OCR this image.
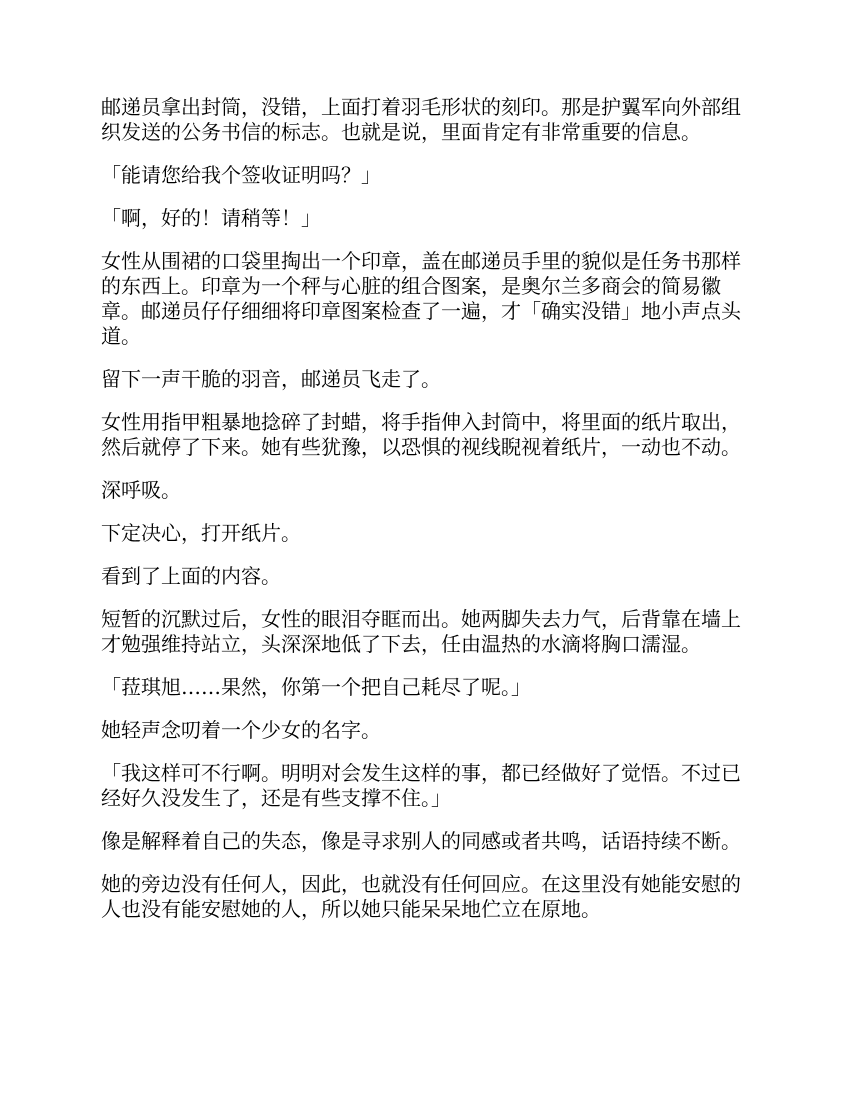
邮递员拿出封筒，没错，上面打着羽毛形状的刻印。那是护翼军向外部组织发送的公务书信的标志。也就是说，里面肯定有非常重要的信息。

「能请您给我个签收证明吗？」

「啊，好的！请稍等！」

女性从围裙的口袋里掏出一个印章，盖在邮递员手里的貌似是任务书那样的东西上。印章为一个秤与心脏的组合图案，是奥尔兰多商会的简易徽章。邮递员仔仔细细将印章图案检查了一遍，才「确实没错」地小声点头道。

留下一声干脆的羽音，邮递员飞走了。

女性用指甲粗暴地捻碎了封蜡，将手指伸入封筒中，将里面的纸片取出，然后就停了下来。她有些犹豫，以恐惧的视线睨视着纸片，一动也不动。

深呼吸。

下定决心，打开纸片。

看到了上面的内容。

短暂的沉默过后，女性的眼泪夺眶而出。她两脚失去力气，后背靠在墙上才勉强维持站立，头深深地低了下去，任由温热的水滴将胸口濡湿。

「菈琪旭……果然，你第一个把自己耗尽了呢。」

她轻声念叨着一个少女的名字。

「我这样可不行啊。明明对会发生这样的事，都已经做好了觉悟。不过已经好久没发生了，还是有些支撑不住。」

像是解释着自己的失态，像是寻求别人的同感或者共鸣，话语持续不断。

她的旁边没有任何人，因此，也就没有任何回应。在这里没有她能安慰的人也没有能安慰她的人，所以她只能呆呆地伫立在原地。
